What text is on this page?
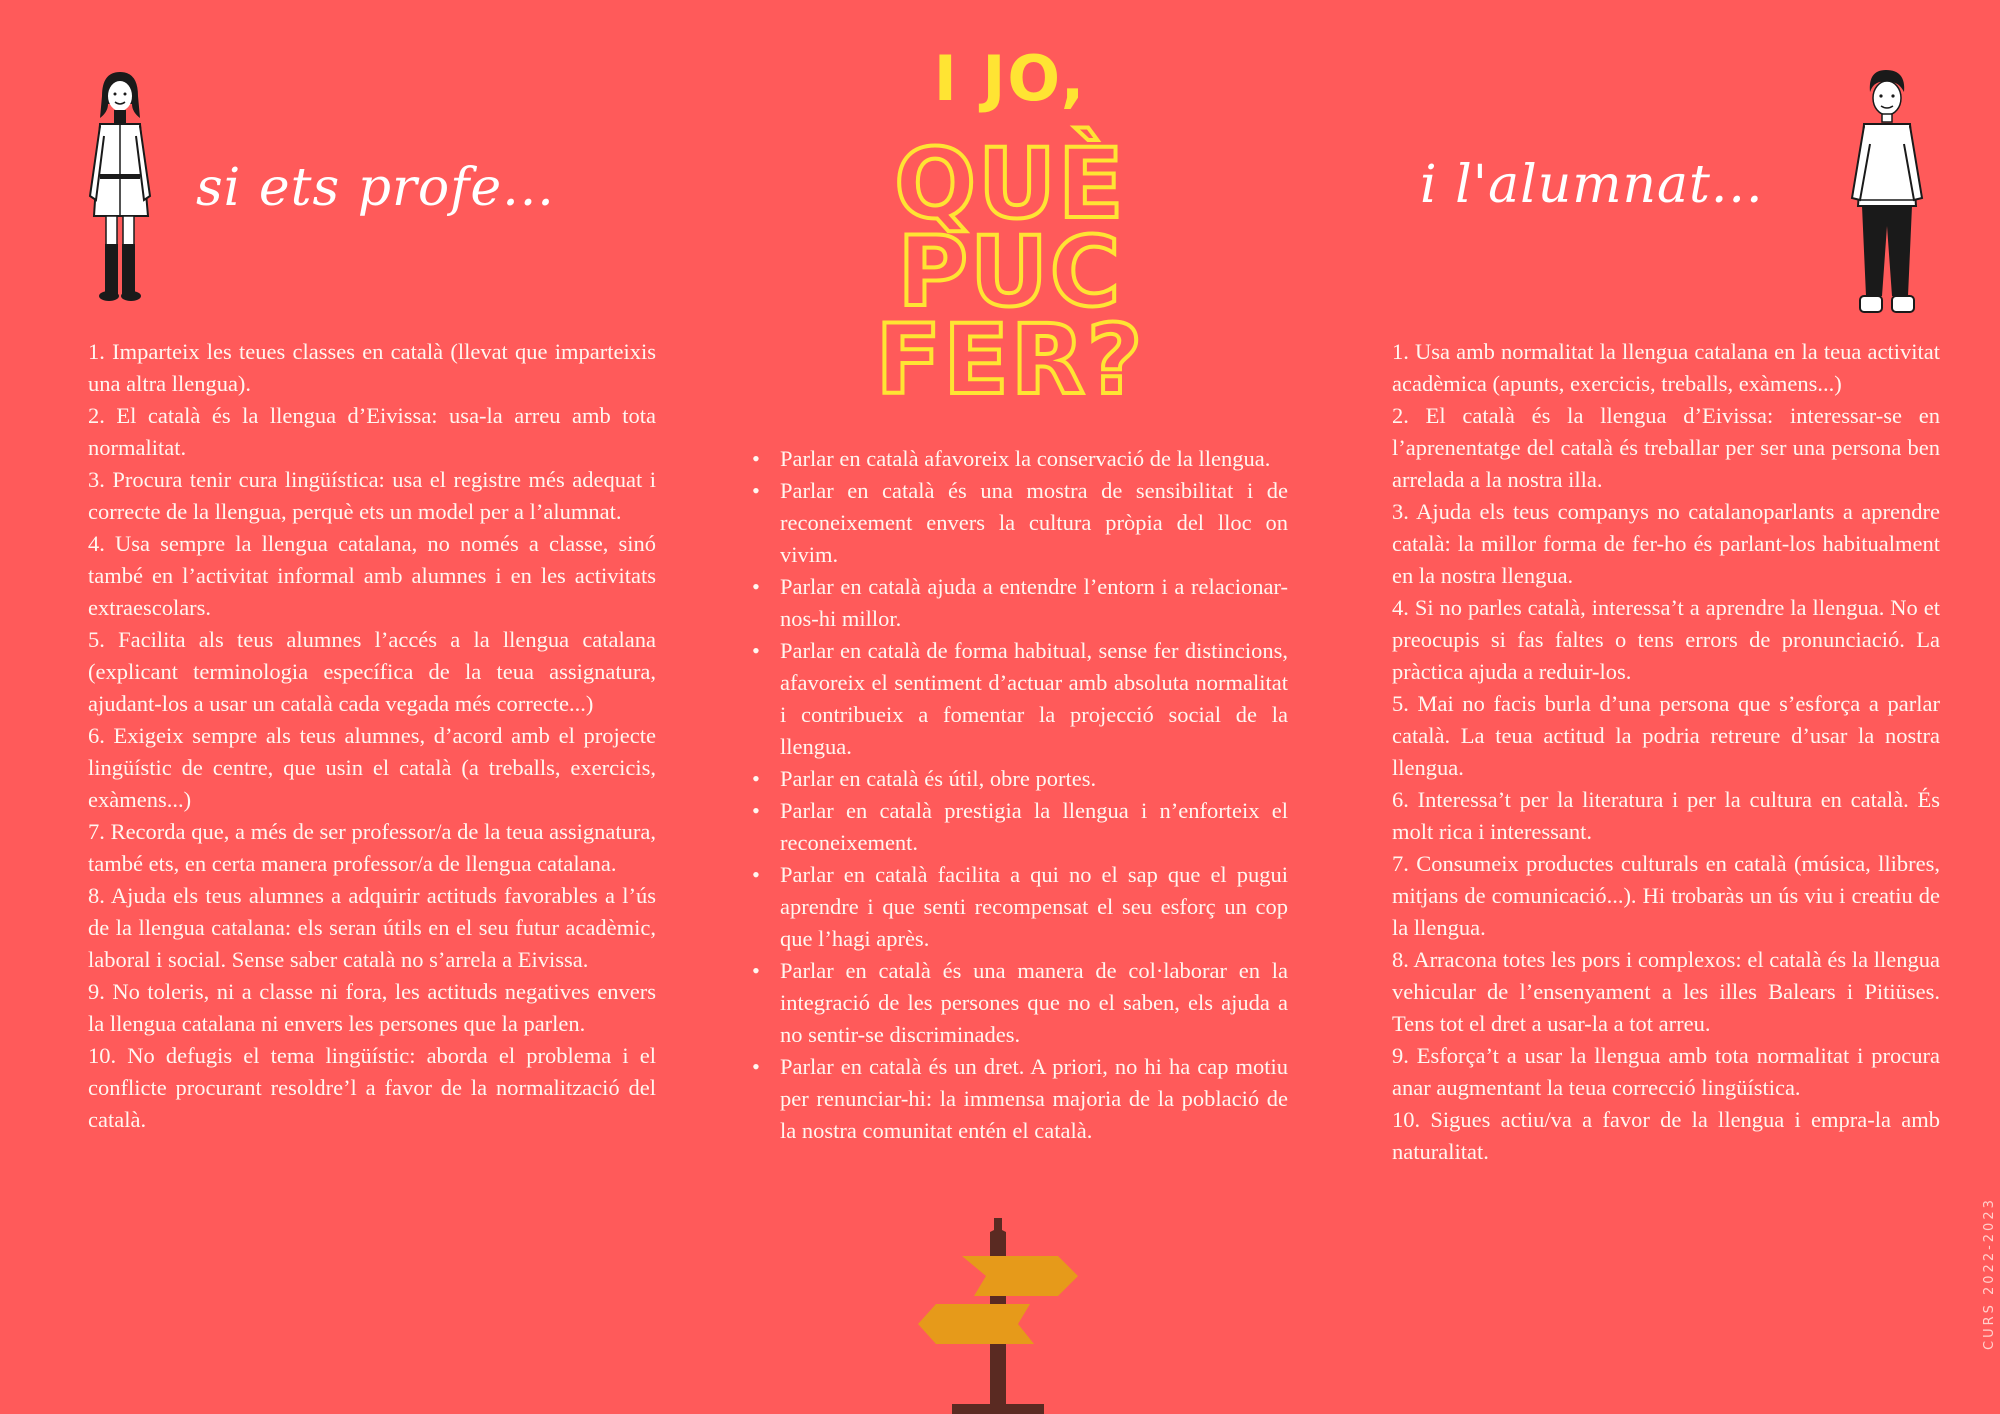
I JO,
QUÈ
PUC
FER?
si ets profe...	i l'alumnat...

1. Imparteix les teues classes en català (llevat que imparteixis una altra llengua).

2. El català és la llengua d’Eivissa: usa-la arreu amb tota normalitat.

3. Procura tenir cura lingüística: usa el registre més adequat i correcte de la llengua, perquè ets un model per a l’alumnat.

4. Usa sempre la llengua catalana, no només a classe, sinó també en l’activitat informal amb alumnes i en les activitats extraescolars.

5. Facilita als teus alumnes l’accés a la llengua catalana (explicant terminologia específica de la teua assignatura, ajudant-los a usar un català cada vegada més correcte...)

6. Exigeix sempre als teus alumnes, d’acord amb el projecte lingüístic de centre, que usin el català (a treballs, exercicis, exàmens...)

7. Recorda que, a més de ser professor/a de la teua assignatura, també ets, en certa manera professor/a de llengua catalana.

8. Ajuda els teus alumnes a adquirir actituds favorables a l’ús de la llengua catalana: els seran útils en el seu futur acadèmic, laboral i social. Sense saber català no s’arrela a Eivissa.

9. No toleris, ni a classe ni fora, les actituds negatives envers la llengua catalana ni envers les persones que la parlen.

10. No defugis el tema lingüístic: aborda el problema i el conflicte procurant resoldre’l a favor de la normalització del català.

• Parlar en català afavoreix la conservació de la llengua.
• Parlar en català és una mostra de sensibilitat i de reconeixement envers la cultura pròpia del lloc on vivim.
• Parlar en català ajuda a entendre l’entorn i a relacionar-nos-hi millor.
• Parlar en català de forma habitual, sense fer distincions, afavoreix el sentiment d’actuar amb absoluta normalitat i contribueix a fomentar la projecció social de la llengua.
• Parlar en català és útil, obre portes.
• Parlar en català prestigia la llengua i n’enforteix el reconeixement.
• Parlar en català facilita a qui no el sap que el pugui aprendre i que senti recompensat el seu esforç un cop que l’hagi après.
• Parlar en català és una manera de col·laborar en la integració de les persones que no el saben, els ajuda a no sentir-se discriminades.
• Parlar en català és un dret. A priori, no hi ha cap motiu per renunciar-hi: la immensa majoria de la població de la nostra comunitat entén el català.

1. Usa amb normalitat la llengua catalana en la teua activitat acadèmica (apunts, exercicis, treballs, exàmens...)

2. El català és la llengua d’Eivissa: interessar-se en l’aprenentatge del català és treballar per ser una persona ben arrelada a la nostra illa.

3. Ajuda els teus companys no catalanoparlants a aprendre català: la millor forma de fer-ho és parlant-los habitualment en la nostra llengua.

4. Si no parles català, interessa’t a aprendre la llengua. No et preocupis si fas faltes o tens errors de pronunciació. La pràctica ajuda a reduir-los.

5. Mai no facis burla d’una persona que s’esforça a parlar català. La teua actitud la podria retreure d’usar la nostra llengua.

6. Interessa’t per la literatura i per la cultura en català. És molt rica i interessant.

7. Consumeix productes culturals en català (música, llibres, mitjans de comunicació...). Hi trobaràs un ús viu i creatiu de la llengua.

8. Arracona totes les pors i complexos: el català és la llengua vehicular de l’ensenyament a les illes Balears i Pitiüses. Tens tot el dret a usar-la a tot arreu.

9. Esforça’t a usar la llengua amb tota normalitat i procura anar augmentant la teua correcció lingüística.

10. Sigues actiu/va a favor de la llengua i empra-la amb naturalitat.

CURS 2022-2023
